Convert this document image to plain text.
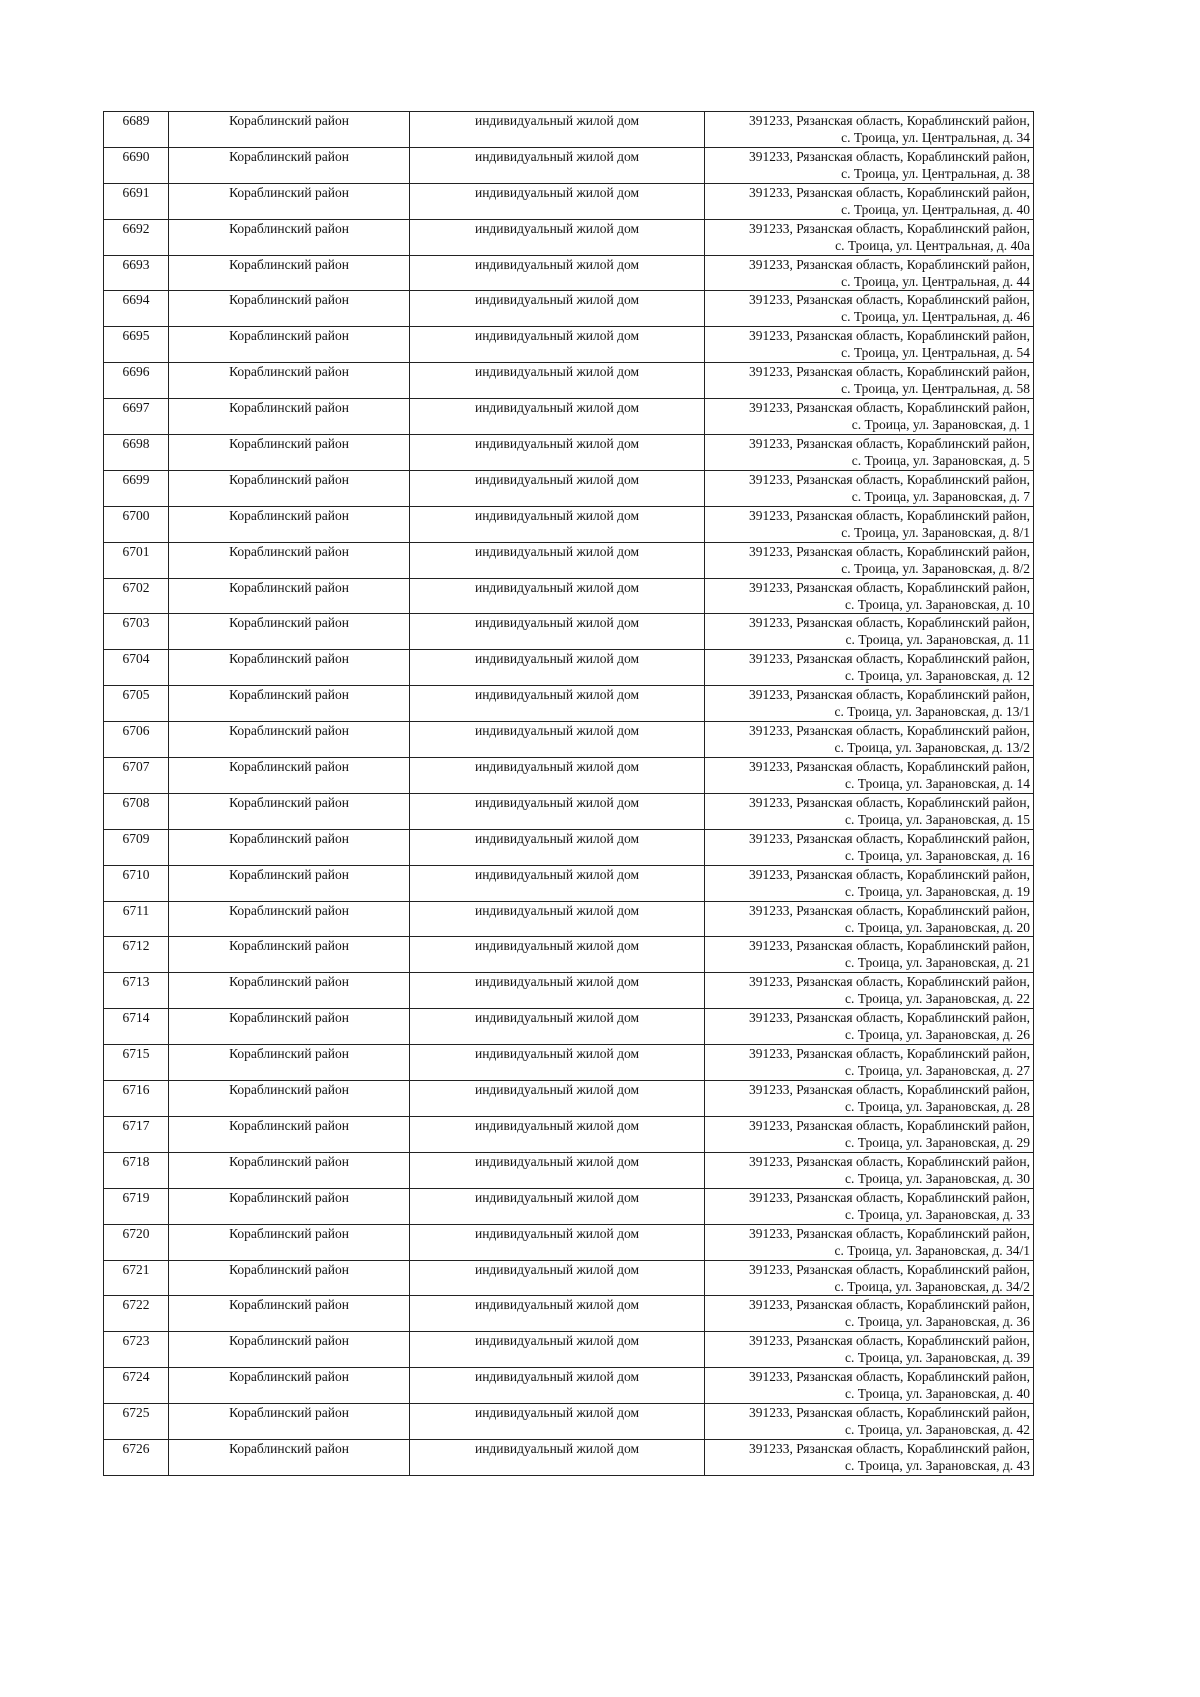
6689	Кораблинский район	индивидуальный жилой дом	391233, Рязанская область, Кораблинский район,
с. Троица, ул. Центральная, д. 34

6690	Кораблинский район	индивидуальный жилой дом	391233, Рязанская область, Кораблинский район,
с. Троица, ул. Центральная, д. 38

6691	Кораблинский район	индивидуальный жилой дом	391233, Рязанская область, Кораблинский район,
с. Троица, ул. Центральная, д. 40

6692	Кораблинский район	индивидуальный жилой дом	391233, Рязанская область, Кораблинский район,
с. Троица, ул. Центральная, д. 40а

6693	Кораблинский район	индивидуальный жилой дом	391233, Рязанская область, Кораблинский район,
с. Троица, ул. Центральная, д. 44

6694	Кораблинский район	индивидуальный жилой дом	391233, Рязанская область, Кораблинский район,
с. Троица, ул. Центральная, д. 46

6695	Кораблинский район	индивидуальный жилой дом	391233, Рязанская область, Кораблинский район,
с. Троица, ул. Центральная, д. 54

6696	Кораблинский район	индивидуальный жилой дом	391233, Рязанская область, Кораблинский район,
с. Троица, ул. Центральная, д. 58

6697	Кораблинский район	индивидуальный жилой дом	391233, Рязанская область, Кораблинский район,
с. Троица, ул. Зарановская, д. 1

6698	Кораблинский район	индивидуальный жилой дом	391233, Рязанская область, Кораблинский район,
с. Троица, ул. Зарановская, д. 5

6699	Кораблинский район	индивидуальный жилой дом	391233, Рязанская область, Кораблинский район,
с. Троица, ул. Зарановская, д. 7

6700	Кораблинский район	индивидуальный жилой дом	391233, Рязанская область, Кораблинский район,
с. Троица, ул. Зарановская, д. 8/1

6701	Кораблинский район	индивидуальный жилой дом	391233, Рязанская область, Кораблинский район,
с. Троица, ул. Зарановская, д. 8/2

6702	Кораблинский район	индивидуальный жилой дом	391233, Рязанская область, Кораблинский район,
с. Троица, ул. Зарановская, д. 10

6703	Кораблинский район	индивидуальный жилой дом	391233, Рязанская область, Кораблинский район,
с. Троица, ул. Зарановская, д. 11

6704	Кораблинский район	индивидуальный жилой дом	391233, Рязанская область, Кораблинский район,
с. Троица, ул. Зарановская, д. 12

6705	Кораблинский район	индивидуальный жилой дом	391233, Рязанская область, Кораблинский район,
с. Троица, ул. Зарановская, д. 13/1

6706	Кораблинский район	индивидуальный жилой дом	391233, Рязанская область, Кораблинский район,
с. Троица, ул. Зарановская, д. 13/2

6707	Кораблинский район	индивидуальный жилой дом	391233, Рязанская область, Кораблинский район,
с. Троица, ул. Зарановская, д. 14

6708	Кораблинский район	индивидуальный жилой дом	391233, Рязанская область, Кораблинский район,
с. Троица, ул. Зарановская, д. 15

6709	Кораблинский район	индивидуальный жилой дом	391233, Рязанская область, Кораблинский район,
с. Троица, ул. Зарановская, д. 16

6710	Кораблинский район	индивидуальный жилой дом	391233, Рязанская область, Кораблинский район,
с. Троица, ул. Зарановская, д. 19

6711	Кораблинский район	индивидуальный жилой дом	391233, Рязанская область, Кораблинский район,
с. Троица, ул. Зарановская, д. 20

6712	Кораблинский район	индивидуальный жилой дом	391233, Рязанская область, Кораблинский район,
с. Троица, ул. Зарановская, д. 21

6713	Кораблинский район	индивидуальный жилой дом	391233, Рязанская область, Кораблинский район,
с. Троица, ул. Зарановская, д. 22

6714	Кораблинский район	индивидуальный жилой дом	391233, Рязанская область, Кораблинский район,
с. Троица, ул. Зарановская, д. 26

6715	Кораблинский район	индивидуальный жилой дом	391233, Рязанская область, Кораблинский район,
с. Троица, ул. Зарановская, д. 27

6716	Кораблинский район	индивидуальный жилой дом	391233, Рязанская область, Кораблинский район,
с. Троица, ул. Зарановская, д. 28

6717	Кораблинский район	индивидуальный жилой дом	391233, Рязанская область, Кораблинский район,
с. Троица, ул. Зарановская, д. 29

6718	Кораблинский район	индивидуальный жилой дом	391233, Рязанская область, Кораблинский район,
с. Троица, ул. Зарановская, д. 30

6719	Кораблинский район	индивидуальный жилой дом	391233, Рязанская область, Кораблинский район,
с. Троица, ул. Зарановская, д. 33

6720	Кораблинский район	индивидуальный жилой дом	391233, Рязанская область, Кораблинский район,
с. Троица, ул. Зарановская, д. 34/1

6721	Кораблинский район	индивидуальный жилой дом	391233, Рязанская область, Кораблинский район,
с. Троица, ул. Зарановская, д. 34/2

6722	Кораблинский район	индивидуальный жилой дом	391233, Рязанская область, Кораблинский район,
с. Троица, ул. Зарановская, д. 36

6723	Кораблинский район	индивидуальный жилой дом	391233, Рязанская область, Кораблинский район,
с. Троица, ул. Зарановская, д. 39

6724	Кораблинский район	индивидуальный жилой дом	391233, Рязанская область, Кораблинский район,
с. Троица, ул. Зарановская, д. 40

6725	Кораблинский район	индивидуальный жилой дом	391233, Рязанская область, Кораблинский район,
с. Троица, ул. Зарановская, д. 42

6726	Кораблинский район	индивидуальный жилой дом	391233, Рязанская область, Кораблинский район,
с. Троица, ул. Зарановская, д. 43
